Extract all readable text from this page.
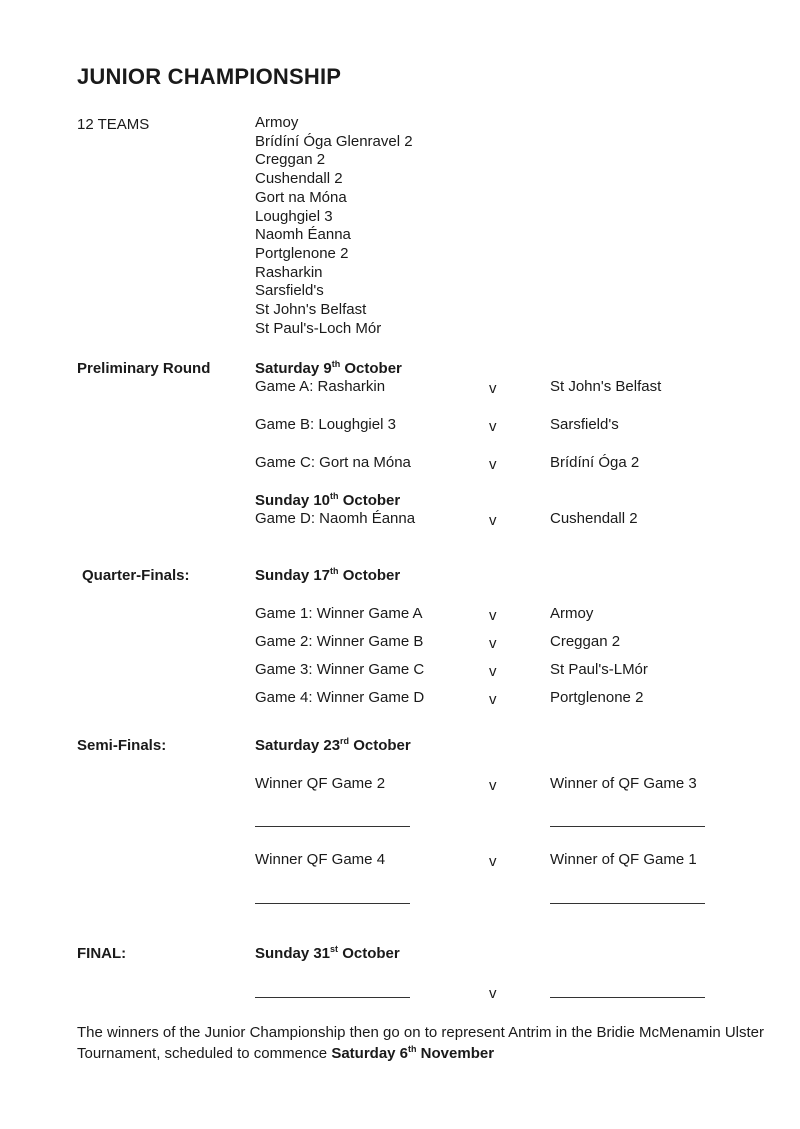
JUNIOR CHAMPIONSHIP
12 TEAMS	Armoy
Brídíní Óga Glenravel 2
Creggan 2
Cushendall 2
Gort na Móna
Loughgiel 3
Naomh Éanna
Portglenone 2
Rasharkin
Sarsfield's
St John's Belfast
St Paul's-Loch Mór
Preliminary Round	Saturday 9th October
Game A: Rasharkin	v	St John's Belfast
Game B: Loughgiel 3	v	Sarsfield's
Game C: Gort na Móna	v	Brídíní Óga 2
Sunday 10th October
Game D: Naomh Éanna	v	Cushendall 2
Quarter-Finals:	Sunday 17th October
Game 1: Winner Game A	v	Armoy
Game 2: Winner Game B	v	Creggan 2
Game 3: Winner Game C	v	St Paul's-LMór
Game 4: Winner Game D	v	Portglenone 2
Semi-Finals:	Saturday 23rd October
Winner QF Game 2	v	Winner of QF Game 3
Winner QF Game 4	v	Winner of QF Game 1
FINAL:	Sunday 31st October
v
The winners of the Junior Championship then go on to represent Antrim in the Bridie McMenamin Ulster Tournament, scheduled to commence Saturday 6th November
